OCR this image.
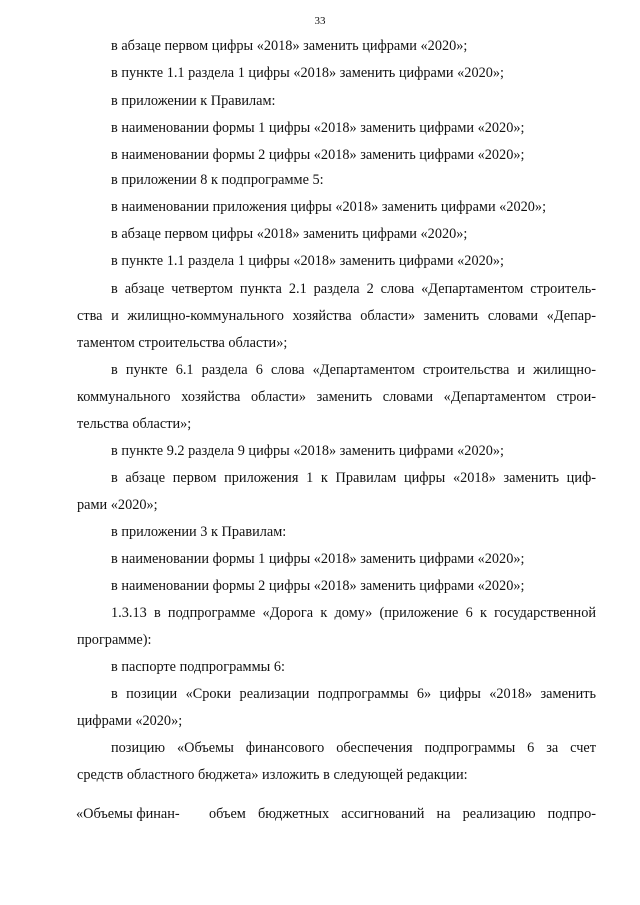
33
в абзаце первом цифры «2018» заменить цифрами «2020»;
в пункте 1.1 раздела 1 цифры «2018» заменить цифрами «2020»;
в приложении к Правилам:
в наименовании формы 1 цифры «2018» заменить цифрами «2020»;
в наименовании формы 2 цифры «2018» заменить цифрами «2020»;
в приложении 8 к подпрограмме 5:
в наименовании приложения цифры «2018» заменить цифрами «2020»;
в абзаце первом цифры «2018» заменить цифрами «2020»;
в пункте 1.1 раздела 1 цифры «2018» заменить цифрами «2020»;
в абзаце четвертом пункта 2.1 раздела 2 слова «Департаментом строитель-
ства и жилищно-коммунального хозяйства области» заменить словами «Депар-
таментом строительства области»;
в пункте 6.1 раздела 6 слова «Департаментом строительства и жилищно-
коммунального хозяйства области» заменить словами «Департаментом строи-
тельства области»;
в пункте 9.2 раздела 9 цифры «2018» заменить цифрами «2020»;
в абзаце первом приложения 1 к Правилам цифры «2018» заменить циф-
рами «2020»;
в приложении 3 к Правилам:
в наименовании формы 1 цифры «2018» заменить цифрами «2020»;
в наименовании формы 2 цифры «2018» заменить цифрами «2020»;
1.3.13 в подпрограмме «Дорога к дому» (приложение 6 к государственной
программе):
в паспорте подпрограммы 6:
в позиции «Сроки реализации подпрограммы 6» цифры «2018» заменить
цифрами «2020»;
позицию «Объемы финансового обеспечения подпрограммы 6 за счет
средств областного бюджета» изложить в следующей редакции:
«Объемы финан- объем бюджетных ассигнований на реализацию подпро-
